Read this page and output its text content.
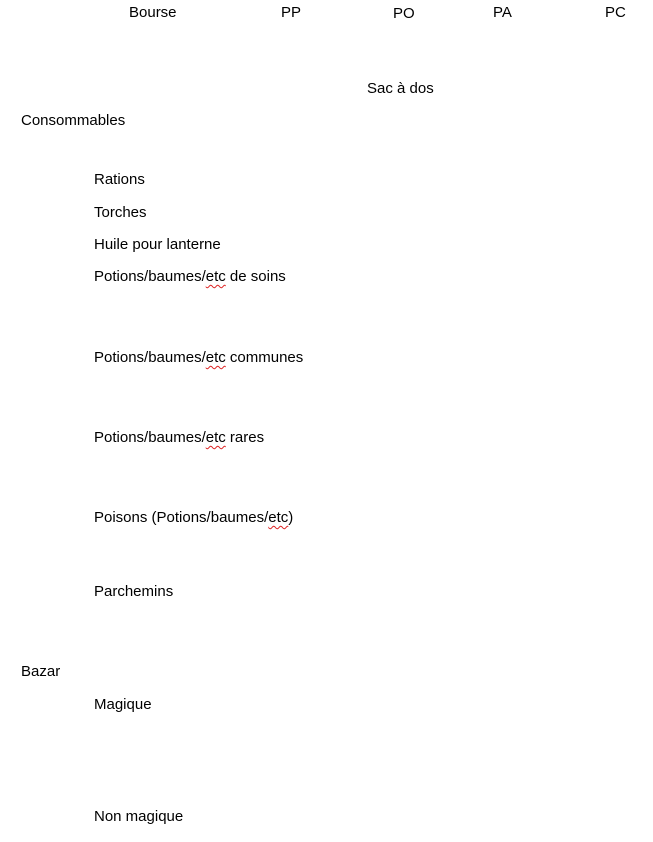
Bourse	PP	PO	PA	PC
Sac à dos
Consommables
Rations
Torches
Huile pour lanterne
Potions/baumes/etc de soins
Potions/baumes/etc communes
Potions/baumes/etc rares
Poisons (Potions/baumes/etc)
Parchemins
Bazar
Magique
Non magique
